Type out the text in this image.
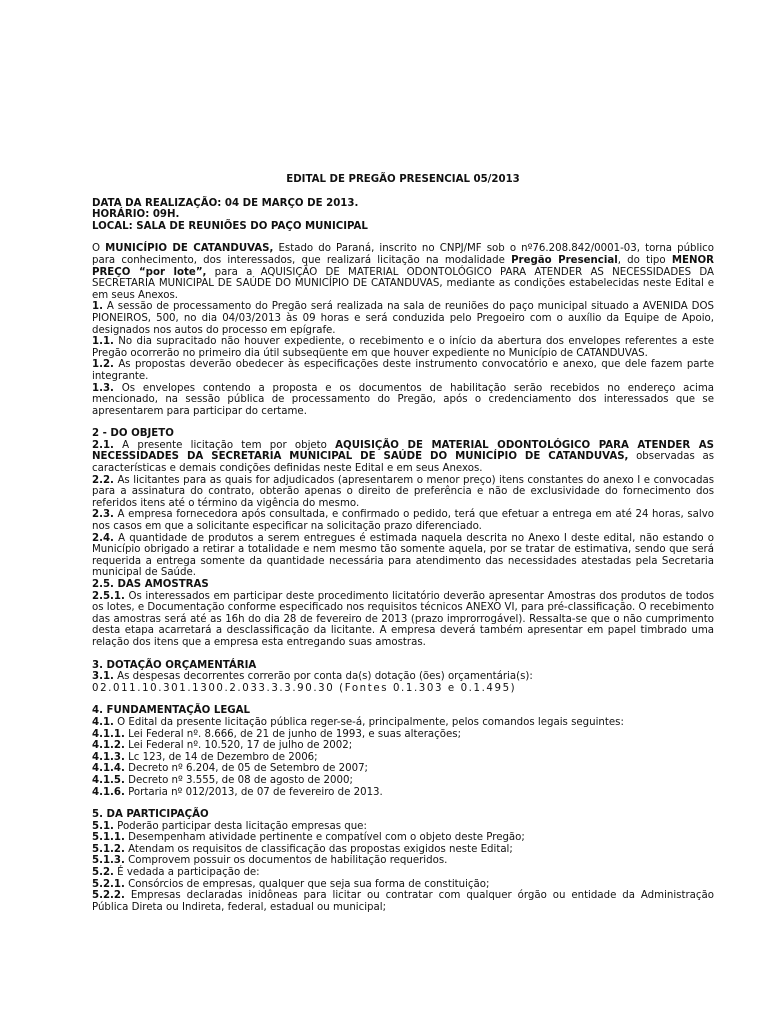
EDITAL DE PREGÃO PRESENCIAL 05/2013
DATA DA REALIZAÇÃO: 04 DE MARÇO DE 2013.
HORÁRIO: 09H.
LOCAL: SALA DE REUNIÕES DO PAÇO MUNICIPAL

O MUNICÍPIO DE CATANDUVAS, Estado do Paraná, inscrito no CNPJ/MF sob o nº76.208.842/0001-03, torna público para conhecimento, dos interessados, que realizará licitação na modalidade Pregão Presencial, do tipo MENOR PREÇO “por lote”, para a AQUISIÇÃO DE MATERIAL ODONTOLÓGICO PARA ATENDER AS NECESSIDADES DA SECRETARIA MUNICIPAL DE SAÚDE DO MUNICÍPIO DE CATANDUVAS, mediante as condições estabelecidas neste Edital e em seus Anexos.

1. A sessão de processamento do Pregão será realizada na sala de reuniões do paço municipal situado a AVENIDA DOS PIONEIROS, 500, no dia 04/03/2013 às 09 horas e será conduzida pelo Pregoeiro com o auxílio da Equipe de Apoio, designados nos autos do processo em epígrafe.

1.1. No dia supracitado não houver expediente, o recebimento e o início da abertura dos envelopes referentes a este Pregão ocorrerão no primeiro dia útil subseqüente em que houver expediente no Município de CATANDUVAS.

1.2. As propostas deverão obedecer às especificações deste instrumento convocatório e anexo, que dele fazem parte integrante.

1.3. Os envelopes contendo a proposta e os documentos de habilitação serão recebidos no endereço acima mencionado, na sessão pública de processamento do Pregão, após o credenciamento dos interessados que se apresentarem para participar do certame.

2 - DO OBJETO

2.1. A presente licitação tem por objeto AQUISIÇÃO DE MATERIAL ODONTOLÓGICO PARA ATENDER AS NECESSIDADES DA SECRETARIA MUNICIPAL DE SAÚDE DO MUNICÍPIO DE CATANDUVAS, observadas as características e demais condições definidas neste Edital e em seus Anexos.

2.2. As licitantes para as quais for adjudicados (apresentarem o menor preço) itens constantes do anexo I e convocadas para a assinatura do contrato, obterão apenas o direito de preferência e não de exclusividade do fornecimento dos referidos itens até o término da vigência do mesmo.

2.3. A empresa fornecedora após consultada, e confirmado o pedido, terá que efetuar a entrega em até 24 horas, salvo nos casos em que a solicitante especificar na solicitação prazo diferenciado.

2.4. A quantidade de produtos a serem entregues é estimada naquela descrita no Anexo I deste edital, não estando o Município obrigado a retirar a totalidade e nem mesmo tão somente aquela, por se tratar de estimativa, sendo que será requerida a entrega somente da quantidade necessária para atendimento das necessidades atestadas pela Secretaria municipal de Saúde.

2.5. DAS AMOSTRAS

2.5.1. Os interessados em participar deste procedimento licitatório deverão apresentar Amostras dos produtos de todos os lotes, e Documentação conforme especificado nos requisitos técnicos ANEXO VI, para pré-classificação. O recebimento das amostras será até as 16h do dia 28 de fevereiro de 2013 (prazo improrrogável). Ressalta-se que o não cumprimento desta etapa acarretará a desclassificação da licitante. A empresa deverá também apresentar em papel timbrado uma relação dos itens que a empresa esta entregando suas amostras.

3. DOTAÇÃO ORÇAMENTÁRIA

3.1. As despesas decorrentes correrão por conta da(s) dotação (ões) orçamentária(s):

02.011.10.301.1300.2.033.3.3.90.30 (Fontes 0.1.303 e 0.1.495)

4. FUNDAMENTAÇÃO LEGAL

4.1. O Edital da presente licitação pública reger-se-á, principalmente, pelos comandos legais seguintes:

4.1.1. Lei Federal nº. 8.666, de 21 de junho de 1993, e suas alterações;

4.1.2. Lei Federal nº. 10.520, 17 de julho de 2002;

4.1.3. Lc 123, de 14 de Dezembro de 2006;

4.1.4. Decreto nº 6.204, de 05 de Setembro de 2007;

4.1.5. Decreto nº 3.555, de 08 de agosto de 2000;

4.1.6. Portaria nº 012/2013, de 07 de fevereiro de 2013.

5. DA PARTICIPAÇÃO

5.1. Poderão participar desta licitação empresas que:

5.1.1. Desempenham atividade pertinente e compatível com o objeto deste Pregão;

5.1.2. Atendam os requisitos de classificação das propostas exigidos neste Edital;

5.1.3. Comprovem possuir os documentos de habilitação requeridos.

5.2. É vedada a participação de:

5.2.1. Consórcios de empresas, qualquer que seja sua forma de constituição;

5.2.2. Empresas declaradas inidôneas para licitar ou contratar com qualquer órgão ou entidade da Administração Pública Direta ou Indireta, federal, estadual ou municipal;
